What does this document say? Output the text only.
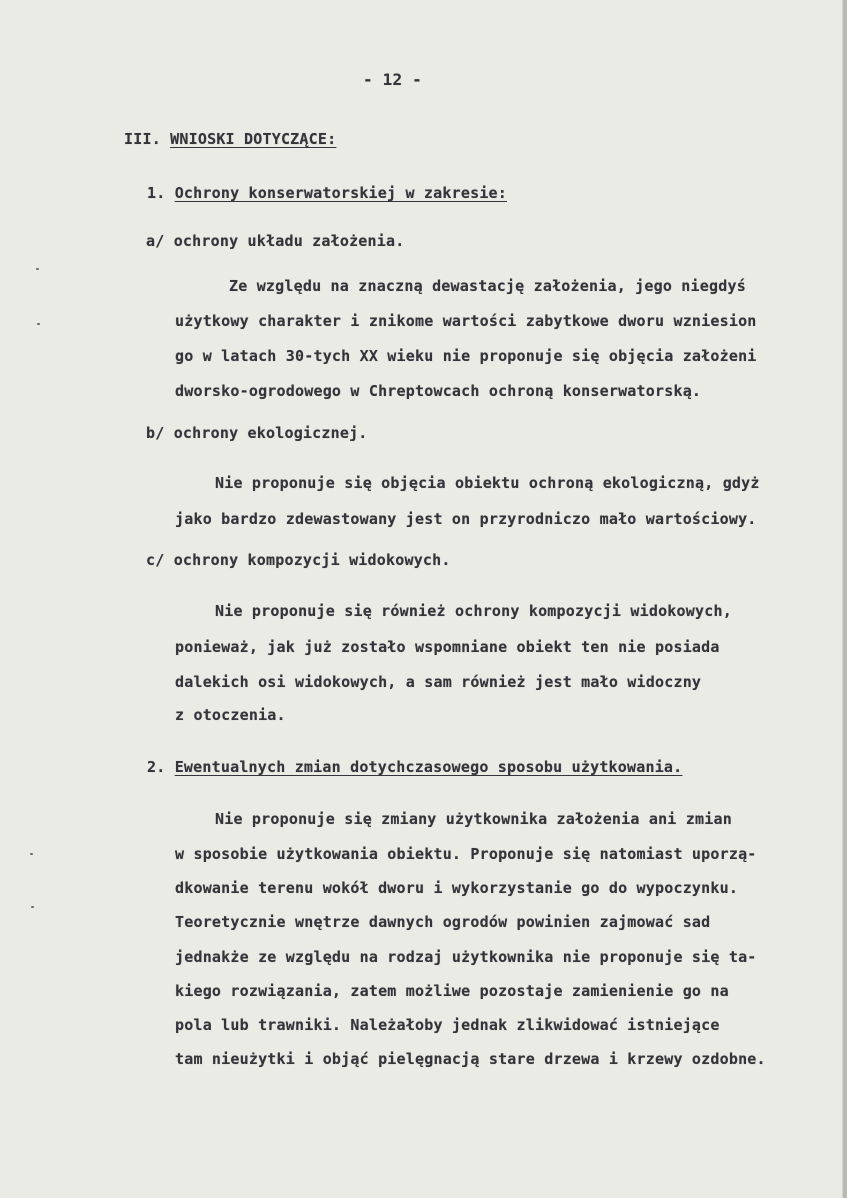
- 12 -
III. WNIOSKI DOTYCZĄCE:
1. Ochrony konserwatorskiej w zakresie:
a/ ochrony układu założenia.
Ze względu na znaczną dewastację założenia, jego niegdyś
użytkowy charakter i znikome wartości zabytkowe dworu wzniesion
go w latach 30-tych XX wieku nie proponuje się objęcia założeni
dworsko-ogrodowego w Chreptowcach ochroną konserwatorską.
b/ ochrony ekologicznej.
Nie proponuje się objęcia obiektu ochroną ekologiczną, gdyż
jako bardzo zdewastowany jest on przyrodniczo mało wartościowy.
c/ ochrony kompozycji widokowych.
Nie proponuje się również ochrony kompozycji widokowych,
ponieważ, jak już zostało wspomniane obiekt ten nie posiada
dalekich osi widokowych, a sam również jest mało widoczny
z otoczenia.
2. Ewentualnych zmian dotychczasowego sposobu użytkowania.
Nie proponuje się zmiany użytkownika założenia ani zmian
w sposobie użytkowania obiektu. Proponuje się natomiast uporzą-
dkowanie terenu wokół dworu i wykorzystanie go do wypoczynku.
Teoretycznie wnętrze dawnych ogrodów powinien zajmować sad
jednakże ze względu na rodzaj użytkownika nie proponuje się ta-
kiego rozwiązania, zatem możliwe pozostaje zamienienie go na
pola lub trawniki. Należałoby jednak zlikwidować istniejące
tam nieużytki i objąć pielęgnacją stare drzewa i krzewy ozdobne.
